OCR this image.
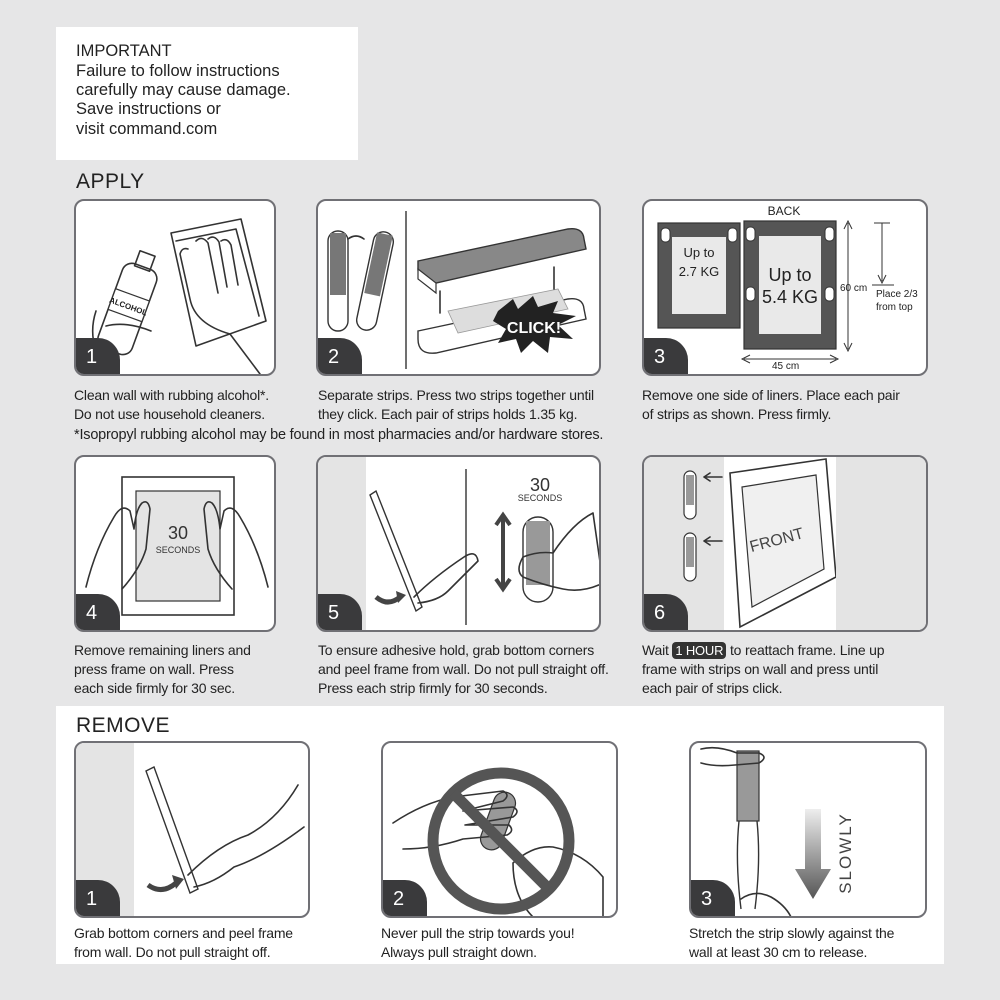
IMPORTANT
Failure to follow instructions
carefully may cause damage.
Save instructions or
visit command.com
APPLY
ALCOHOL
1
Clean wall with rubbing alcohol*.
Do not use household cleaners.
CLICK!
2
Separate strips. Press two strips together until
they click. Each pair of strips holds 1.35 kg.
Up to
2.7 KG
BACK
Up to
5.4 KG 60 cm
45 cm
Place 2/3
from top
3
Remove one side of liners. Place each pair
of strips as shown. Press firmly.
*Isopropyl rubbing alcohol may be found in most pharmacies and/or hardware stores.
30
SECONDS
4
Remove remaining liners and
press frame on wall. Press
each side firmly for 30 sec.
30
SECONDS
5
To ensure adhesive hold, grab bottom corners
and peel frame from wall. Do not pull straight off.
Press each strip firmly for 30 seconds.
FRONT
6
Wait 1 HOUR to reattach frame. Line up
frame with strips on wall and press until
each pair of strips click.
REMOVE
1
Grab bottom corners and peel frame
from wall. Do not pull straight off.
2
Never pull the strip towards you!
Always pull straight down.
SLOWLY
3
Stretch the strip slowly against the
wall at least 30 cm to release.
